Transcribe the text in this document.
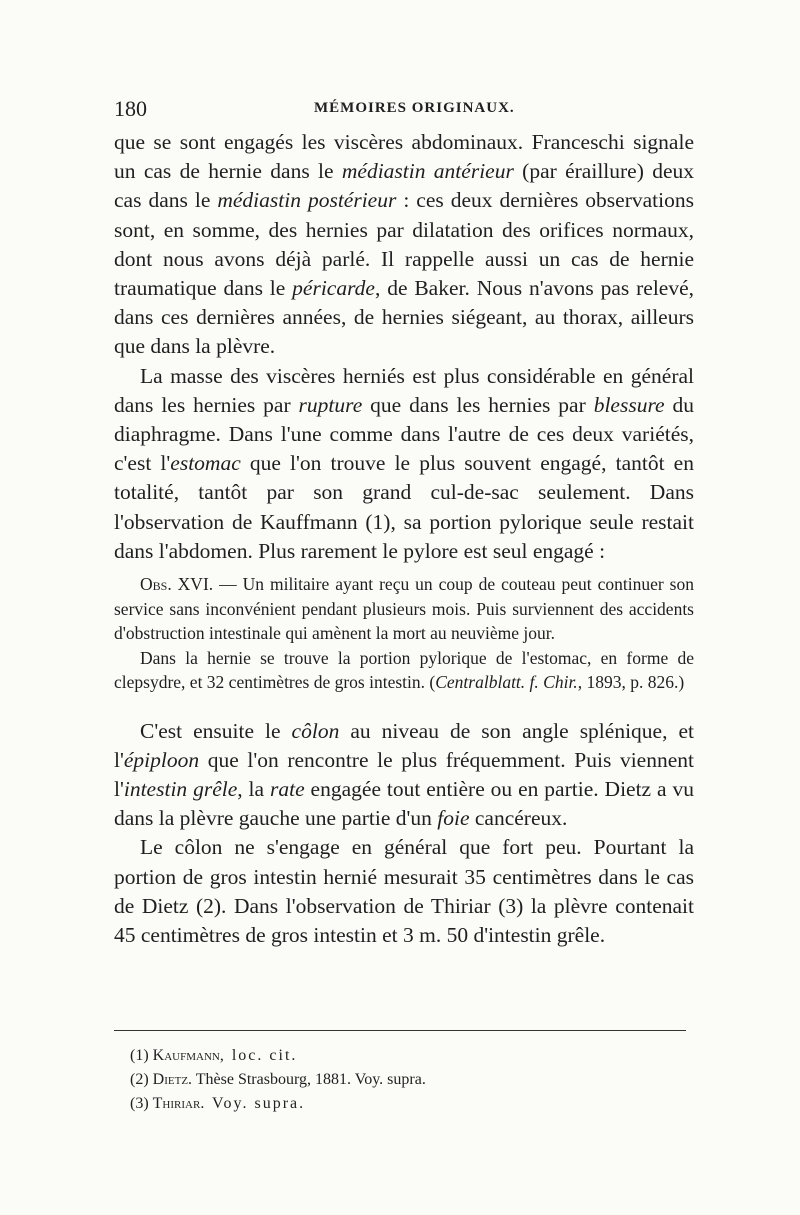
180	MÉMOIRES ORIGINAUX.

que se sont engagés les viscères abdominaux. Franceschi signale un cas de hernie dans le médiastin antérieur (par éraillure) deux cas dans le médiastin postérieur : ces deux dernières observations sont, en somme, des hernies par dilatation des orifices normaux, dont nous avons déjà parlé. Il rappelle aussi un cas de hernie traumatique dans le péricarde, de Baker. Nous n'avons pas relevé, dans ces dernières années, de hernies siégeant, au thorax, ailleurs que dans la plèvre.

La masse des viscères herniés est plus considérable en général dans les hernies par rupture que dans les hernies par blessure du diaphragme. Dans l'une comme dans l'autre de ces deux variétés, c'est l'estomac que l'on trouve le plus souvent engagé, tantôt en totalité, tantôt par son grand cul-de-sac seulement. Dans l'observation de Kauffmann (1), sa portion pylorique seule restait dans l'abdomen. Plus rarement le pylore est seul engagé :

Obs. XVI. — Un militaire ayant reçu un coup de couteau peut continuer son service sans inconvénient pendant plusieurs mois. Puis surviennent des accidents d'obstruction intestinale qui amènent la mort au neuvième jour.

Dans la hernie se trouve la portion pylorique de l'estomac, en forme de clepsydre, et 32 centimètres de gros intestin. (Centralblatt. f. Chir., 1893, p. 826.)

C'est ensuite le côlon au niveau de son angle splénique, et l'épiploon que l'on rencontre le plus fréquemment. Puis viennent l'intestin grêle, la rate engagée tout entière ou en partie. Dietz a vu dans la plèvre gauche une partie d'un foie cancéreux.

Le côlon ne s'engage en général que fort peu. Pourtant la portion de gros intestin hernié mesurait 35 centimètres dans le cas de Dietz (2). Dans l'observation de Thiriar (3) la plèvre contenait 45 centimètres de gros intestin et 3 m. 50 d'intestin grêle.

(1) Kaufmann, loc. cit.
(2) Dietz. Thèse Strasbourg, 1881. Voy. supra.
(3) Thiriar. Voy. supra.
